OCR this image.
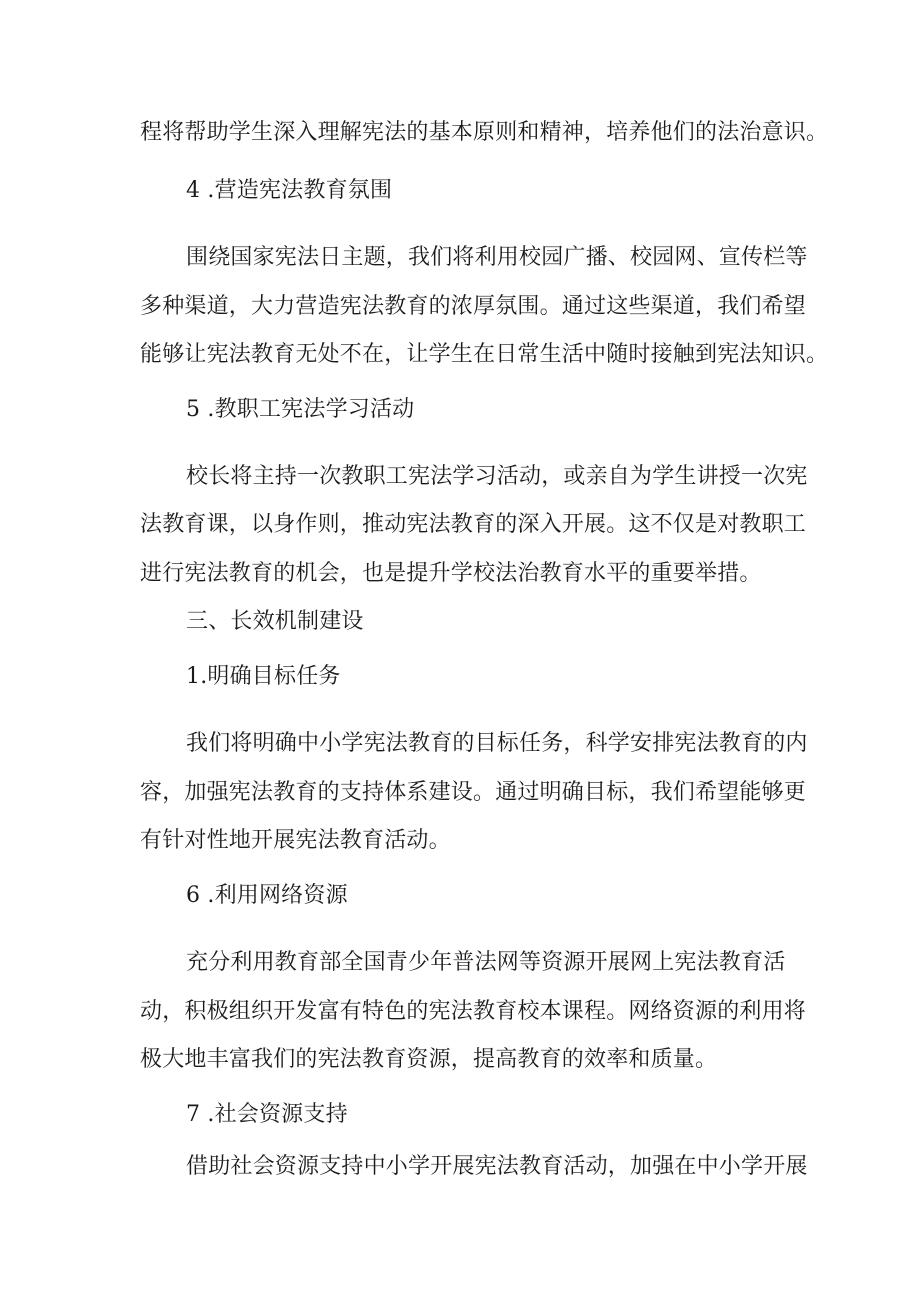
程将帮助学生深入理解宪法的基本原则和精神，培养他们的法治意识。

4 .营造宪法教育氛围

围绕国家宪法日主题，我们将利用校园广播、校园网、宣传栏等

多种渠道，大力营造宪法教育的浓厚氛围。通过这些渠道，我们希望

能够让宪法教育无处不在，让学生在日常生活中随时接触到宪法知识。

5 .教职工宪法学习活动

校长将主持一次教职工宪法学习活动，或亲自为学生讲授一次宪

法教育课，以身作则，推动宪法教育的深入开展。这不仅是对教职工

进行宪法教育的机会，也是提升学校法治教育水平的重要举措。

三、长效机制建设

1.明确目标任务

我们将明确中小学宪法教育的目标任务，科学安排宪法教育的内

容，加强宪法教育的支持体系建设。通过明确目标，我们希望能够更

有针对性地开展宪法教育活动。

6 .利用网络资源

充分利用教育部全国青少年普法网等资源开展网上宪法教育活

动，积极组织开发富有特色的宪法教育校本课程。网络资源的利用将

极大地丰富我们的宪法教育资源，提高教育的效率和质量。

7 .社会资源支持

借助社会资源支持中小学开展宪法教育活动，加强在中小学开展
